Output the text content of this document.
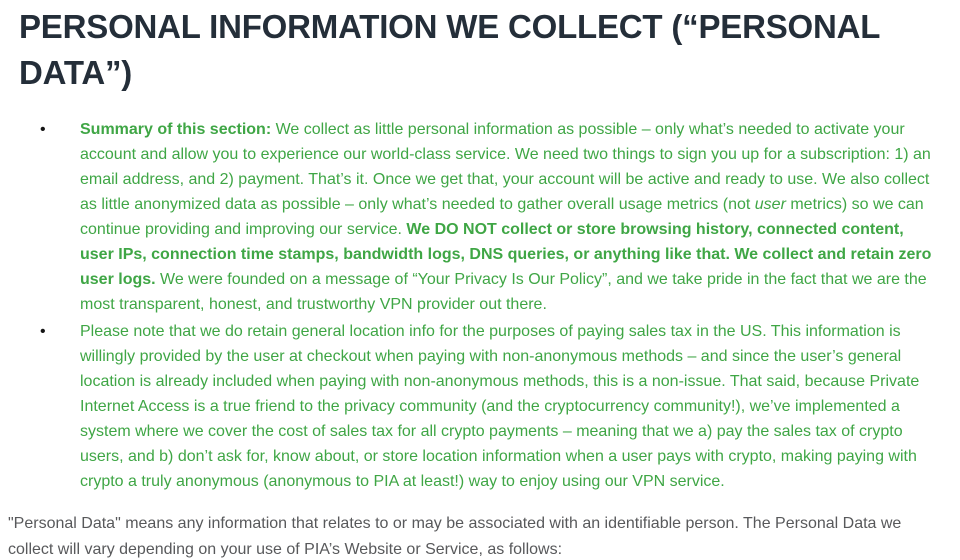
PERSONAL INFORMATION WE COLLECT (“PERSONAL DATA”)
• Summary of this section: We collect as little personal information as possible – only what’s needed to activate your account and allow you to experience our world-class service. We need two things to sign you up for a subscription: 1) an email address, and 2) payment. That’s it. Once we get that, your account will be active and ready to use. We also collect as little anonymized data as possible – only what’s needed to gather overall usage metrics (not user metrics) so we can continue providing and improving our service. We DO NOT collect or store browsing history, connected content, user IPs, connection time stamps, bandwidth logs, DNS queries, or anything like that. We collect and retain zero user logs. We were founded on a message of “Your Privacy Is Our Policy”, and we take pride in the fact that we are the most transparent, honest, and trustworthy VPN provider out there.
• Please note that we do retain general location info for the purposes of paying sales tax in the US. This information is willingly provided by the user at checkout when paying with non-anonymous methods – and since the user’s general location is already included when paying with non-anonymous methods, this is a non-issue. That said, because Private Internet Access is a true friend to the privacy community (and the cryptocurrency community!), we’ve implemented a system where we cover the cost of sales tax for all crypto payments – meaning that we a) pay the sales tax of crypto users, and b) don’t ask for, know about, or store location information when a user pays with crypto, making paying with crypto a truly anonymous (anonymous to PIA at least!) way to enjoy using our VPN service.

"Personal Data" means any information that relates to or may be associated with an identifiable person. The Personal Data we collect will vary depending on your use of PIA’s Website or Service, as follows:
